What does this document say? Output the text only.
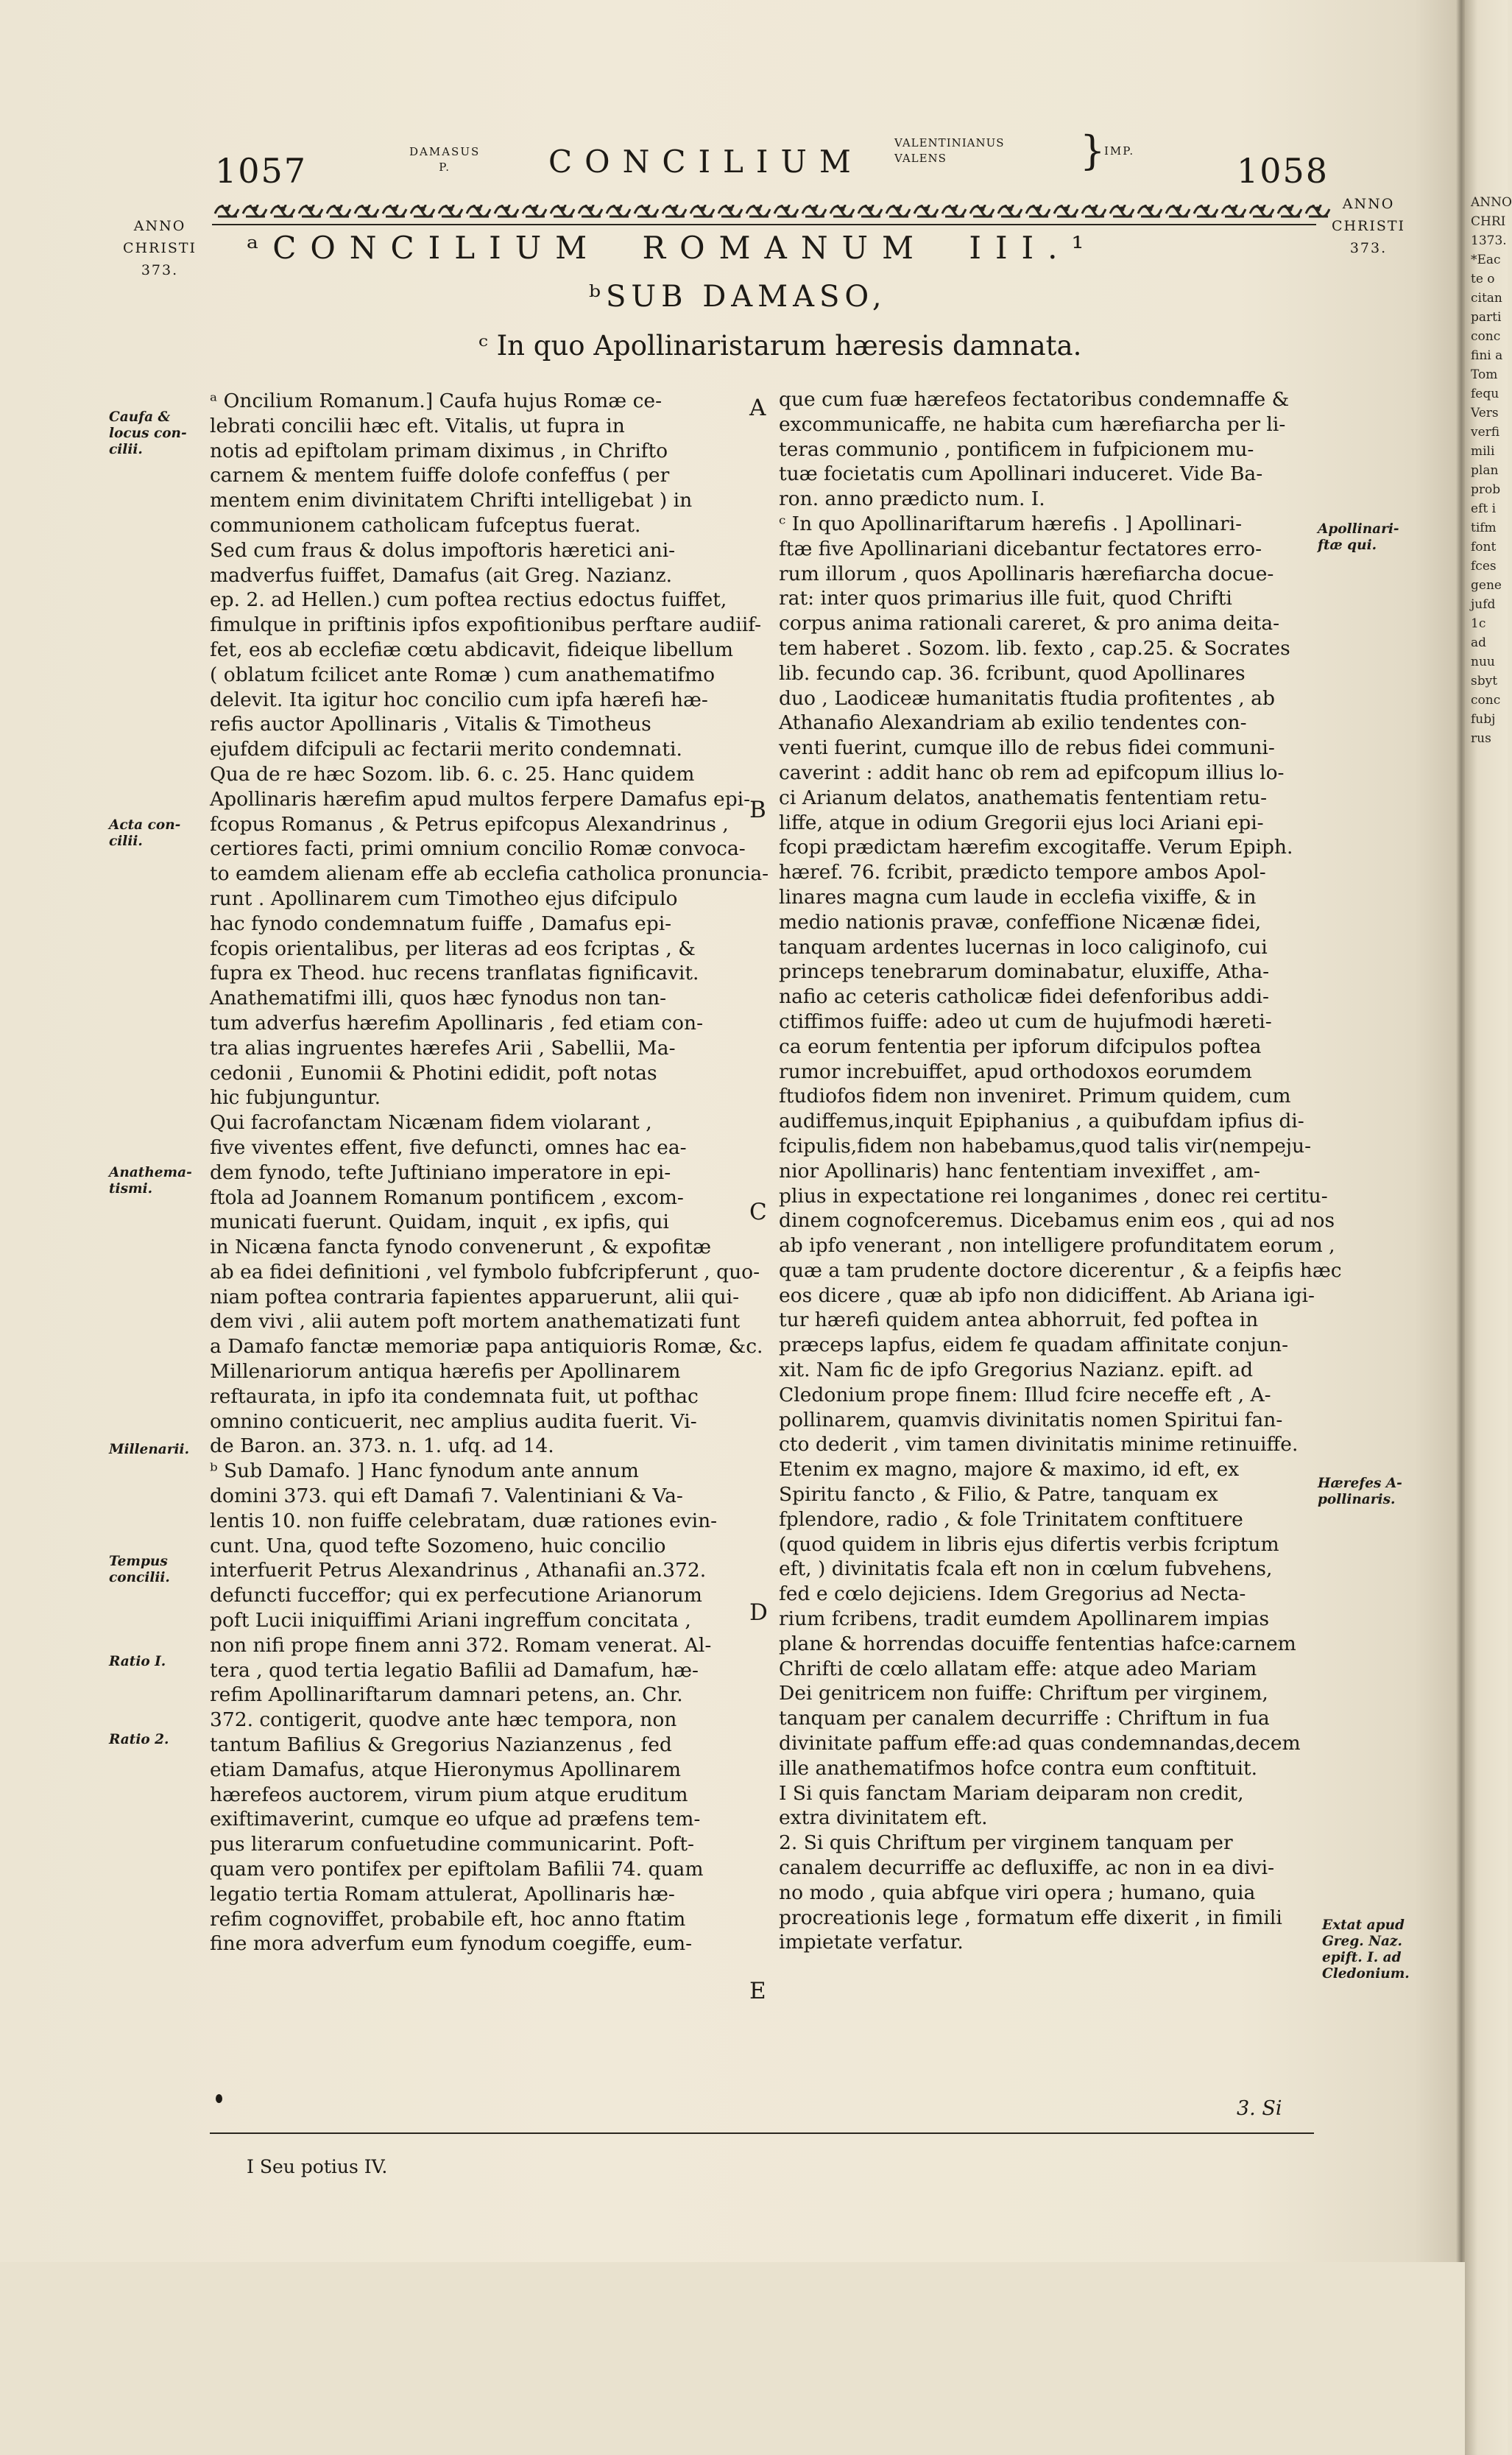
1057	DAMASUS
P.	CONCILIUM
VALENTINIANUS
VALENS	}
IMP.	1058
ANNO
CHRISTI
373.
ANNO
CHRISTI
373.
ᵃCONCILIUM ROMANUM III.¹
ᵇSUB DAMASO,
ᶜ In quo Apollinaristarum hæresis damnata.
Caufa & locus con-cilii.
Acta con-cilii.
Anathema-tismi.
Millenarii.
Tempus concilii.
Ratio I.
Ratio 2.
Apollinari-ftæ qui.
Hærefes A-pollinaris.
Extat apud Greg. Naz. epift. I. ad Cledonium.
A
B
C
D
E
ᵃ Oncilium Romanum.] Caufa hujus Romæ ce-
lebrati concilii hæc eft. Vitalis, ut fupra in
notis ad epiftolam primam diximus , in Chrifto
carnem & mentem fuiffe dolofe confeffus ( per
mentem enim divinitatem Chrifti intelligebat ) in
communionem catholicam fufceptus fuerat.
Sed cum fraus & dolus impoftoris hæretici ani-
madverfus fuiffet, Damafus (ait Greg. Nazianz.
ep. 2. ad Hellen.) cum poftea rectius edoctus fuiffet,
fimulque in priftinis ipfos expofitionibus perftare audiif-
fet, eos ab ecclefiæ cœtu abdicavit, fideique libellum
( oblatum fcilicet ante Romæ ) cum anathematifmo
delevit. Ita igitur hoc concilio cum ipfa hærefi hæ-
refis auctor Apollinaris , Vitalis & Timotheus
ejufdem difcipuli ac fectarii merito condemnati.
Qua de re hæc Sozom. lib. 6. c. 25. Hanc quidem
Apollinaris hærefim apud multos ferpere Damafus epi-
fcopus Romanus , & Petrus epifcopus Alexandrinus ,
certiores facti, primi omnium concilio Romæ convoca-
to eamdem alienam effe ab ecclefia catholica pronuncia-
runt . Apollinarem cum Timotheo ejus difcipulo
hac fynodo condemnatum fuiffe , Damafus epi-
fcopis orientalibus, per literas ad eos fcriptas , &
fupra ex Theod. huc recens tranflatas fignificavit.
Anathematifmi illi, quos hæc fynodus non tan-
tum adverfus hærefim Apollinaris , fed etiam con-
tra alias ingruentes hærefes Arii , Sabellii, Ma-
cedonii , Eunomii & Photini edidit, poft notas
hic fubjunguntur.
Qui facrofanctam Nicænam fidem violarant ,
five viventes effent, five defuncti, omnes hac ea-
dem fynodo, tefte Juftiniano imperatore in epi-
ftola ad Joannem Romanum pontificem , excom-
municati fuerunt. Quidam, inquit , ex ipfis, qui
in Nicæna fancta fynodo convenerunt , & expofitæ
ab ea fidei definitioni , vel fymbolo fubfcripferunt , quo-
niam poftea contraria fapientes apparuerunt, alii qui-
dem vivi , alii autem poft mortem anathematizati funt
a Damafo fanctæ memoriæ papa antiquioris Romæ, &c.
Millenariorum antiqua hærefis per Apollinarem
reftaurata, in ipfo ita condemnata fuit, ut pofthac
omnino conticuerit, nec amplius audita fuerit. Vi-
de Baron. an. 373. n. 1. ufq. ad 14.
ᵇ Sub Damafo. ] Hanc fynodum ante annum
domini 373. qui eft Damafi 7. Valentiniani & Va-
lentis 10. non fuiffe celebratam, duæ rationes evin-
cunt. Una, quod tefte Sozomeno, huic concilio
interfuerit Petrus Alexandrinus , Athanafii an.372.
defuncti fucceffor; qui ex perfecutione Arianorum
poft Lucii iniquiffimi Ariani ingreffum concitata ,
non nifi prope finem anni 372. Romam venerat. Al-
tera , quod tertia legatio Bafilii ad Damafum, hæ-
refim Apollinariftarum damnari petens, an. Chr.
372. contigerit, quodve ante hæc tempora, non
tantum Bafilius & Gregorius Nazianzenus , fed
etiam Damafus, atque Hieronymus Apollinarem
hærefeos auctorem, virum pium atque eruditum
exiftimaverint, cumque eo ufque ad præfens tem-
pus literarum confuetudine communicarint. Poft-
quam vero pontifex per epiftolam Bafilii 74. quam
legatio tertia Romam attulerat, Apollinaris hæ-
refim cognoviffet, probabile eft, hoc anno ftatim
fine mora adverfum eum fynodum coegiffe, eum-
que cum fuæ hærefeos fectatoribus condemnaffe &
excommunicaffe, ne habita cum hærefiarcha per li-
teras communio , pontificem in fufpicionem mu-
tuæ focietatis cum Apollinari induceret. Vide Ba-
ron. anno prædicto num. I.
ᶜ In quo Apollinariftarum hærefis . ] Apollinari-
ftæ five Apollinariani dicebantur fectatores erro-
rum illorum , quos Apollinaris hærefiarcha docue-
rat: inter quos primarius ille fuit, quod Chrifti
corpus anima rationali careret, & pro anima deita-
tem haberet . Sozom. lib. fexto , cap.25. & Socrates
lib. fecundo cap. 36. fcribunt, quod Apollinares
duo , Laodiceæ humanitatis ftudia profitentes , ab
Athanafio Alexandriam ab exilio tendentes con-
venti fuerint, cumque illo de rebus fidei communi-
caverint : addit hanc ob rem ad epifcopum illius lo-
ci Arianum delatos, anathematis fententiam retu-
liffe, atque in odium Gregorii ejus loci Ariani epi-
fcopi prædictam hærefim excogitaffe. Verum Epiph.
hæref. 76. fcribit, prædicto tempore ambos Apol-
linares magna cum laude in ecclefia vixiffe, & in
medio nationis pravæ, confeffione Nicænæ fidei,
tanquam ardentes lucernas in loco caliginofo, cui
princeps tenebrarum dominabatur, eluxiffe, Atha-
nafio ac ceteris catholicæ fidei defenforibus addi-
ctiffimos fuiffe: adeo ut cum de hujufmodi hæreti-
ca eorum fententia per ipforum difcipulos poftea
rumor increbuiffet, apud orthodoxos eorumdem
ftudiofos fidem non inveniret. Primum quidem, cum
audiffemus,inquit Epiphanius , a quibufdam ipfius di-
fcipulis,fidem non habebamus,quod talis vir(nempeju-
nior Apollinaris) hanc fententiam invexiffet , am-
plius in expectatione rei longanimes , donec rei certitu-
dinem cognofceremus. Dicebamus enim eos , qui ad nos
ab ipfo venerant , non intelligere profunditatem eorum ,
quæ a tam prudente doctore dicerentur , & a feipfis hæc
eos dicere , quæ ab ipfo non didiciffent. Ab Ariana igi-
tur hærefi quidem antea abhorruit, fed poftea in
præceps lapfus, eidem fe quadam affinitate conjun-
xit. Nam fic de ipfo Gregorius Nazianz. epift. ad
Cledonium prope finem: Illud fcire neceffe eft , A-
pollinarem, quamvis divinitatis nomen Spiritui fan-
cto dederit , vim tamen divinitatis minime retinuiffe.
Etenim ex magno, majore & maximo, id eft, ex
Spiritu fancto , & Filio, & Patre, tanquam ex
fplendore, radio , & fole Trinitatem conftituere
(quod quidem in libris ejus difertis verbis fcriptum
eft, ) divinitatis fcala eft non in cœlum fubvehens,
fed e cœlo dejiciens. Idem Gregorius ad Necta-
rium fcribens, tradit eumdem Apollinarem impias
plane & horrendas docuiffe fententias hafce:carnem
Chrifti de cœlo allatam effe: atque adeo Mariam
Dei genitricem non fuiffe: Chriftum per virginem,
tanquam per canalem decurriffe : Chriftum in fua
divinitate paffum effe:ad quas condemnandas,decem
ille anathematifmos hofce contra eum conftituit.
I Si quis fanctam Mariam deiparam non credit,
extra divinitatem eft.
2. Si quis Chriftum per virginem tanquam per
canalem decurriffe ac defluxiffe, ac non in ea divi-
no modo , quia abfque viri opera ; humano, quia
procreationis lege , formatum effe dixerit , in fimili
impietate verfatur.
3. Si
I Seu potius IV.
ANNO
CHRI
1373.
*Eac
te o
citan
parti
conc
fini a
Tom
fequ
Vers
verfi
mili
plan
prob
eft i
tifm
font
fces
gene
jufd
1c
ad
nuu
sbyt
conc
fubj
rus
